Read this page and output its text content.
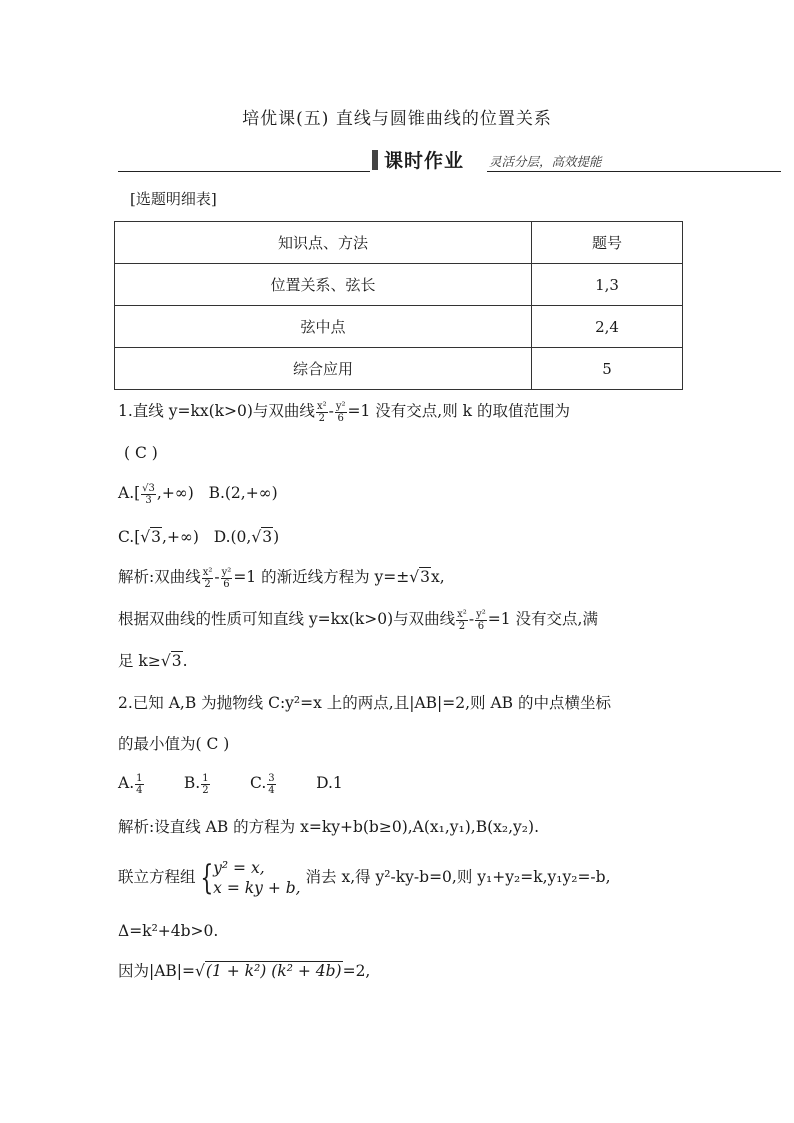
培优课(五) 直线与圆锥曲线的位置关系
课时作业 灵活分层，高效提能
[选题明细表]
知识点、方法	题号
位置关系、弦长	1,3
弦中点	2,4
综合应用	5
1.直线 y=kx(k>0)与双曲线 $\frac{\text{x²}}{2} - \frac{\text{y²}}{6} =1$ 没有交点,则 k 的取值范围为
( C )
$A.[ \frac{√3}{3}$ ,+∞) B.(2,+∞)
C.[√3,+∞) D.(0,√3)
解析:双曲线 $\frac{\text{x²}}{2} - \frac{\text{y²}}{6} =1$ 的渐近线方程为 y=±√3x,
根据双曲线的性质可知直线 y=kx(k>0)与双曲线 $\frac{\text{x²}}{2} - \frac{\text{y²}}{6} =1$ 没有交点,满
足 k≥√3.
2.已知 A,B 为抛物线 C:y²=x 上的两点,且|AB|=2,则 AB 的中点横坐标
的最小值为( C )
A. $\frac{1}{4}$	B. $\frac{1}{2}$	C. $\frac{3}{4}$	D.1
解析:设直线 AB 的方程为 x=ky+b(b≥0),A(x₁,y₁),B(x₂,y₂).
联立方程组 { y² = x,
x = ky + b,
消去 x,得 y²-ky-b=0,则 y₁+y₂=k,y₁y₂=-b,
Δ=k²+4b>0.
因为|AB|=√(1 + k²) (k² + 4b)=2,
